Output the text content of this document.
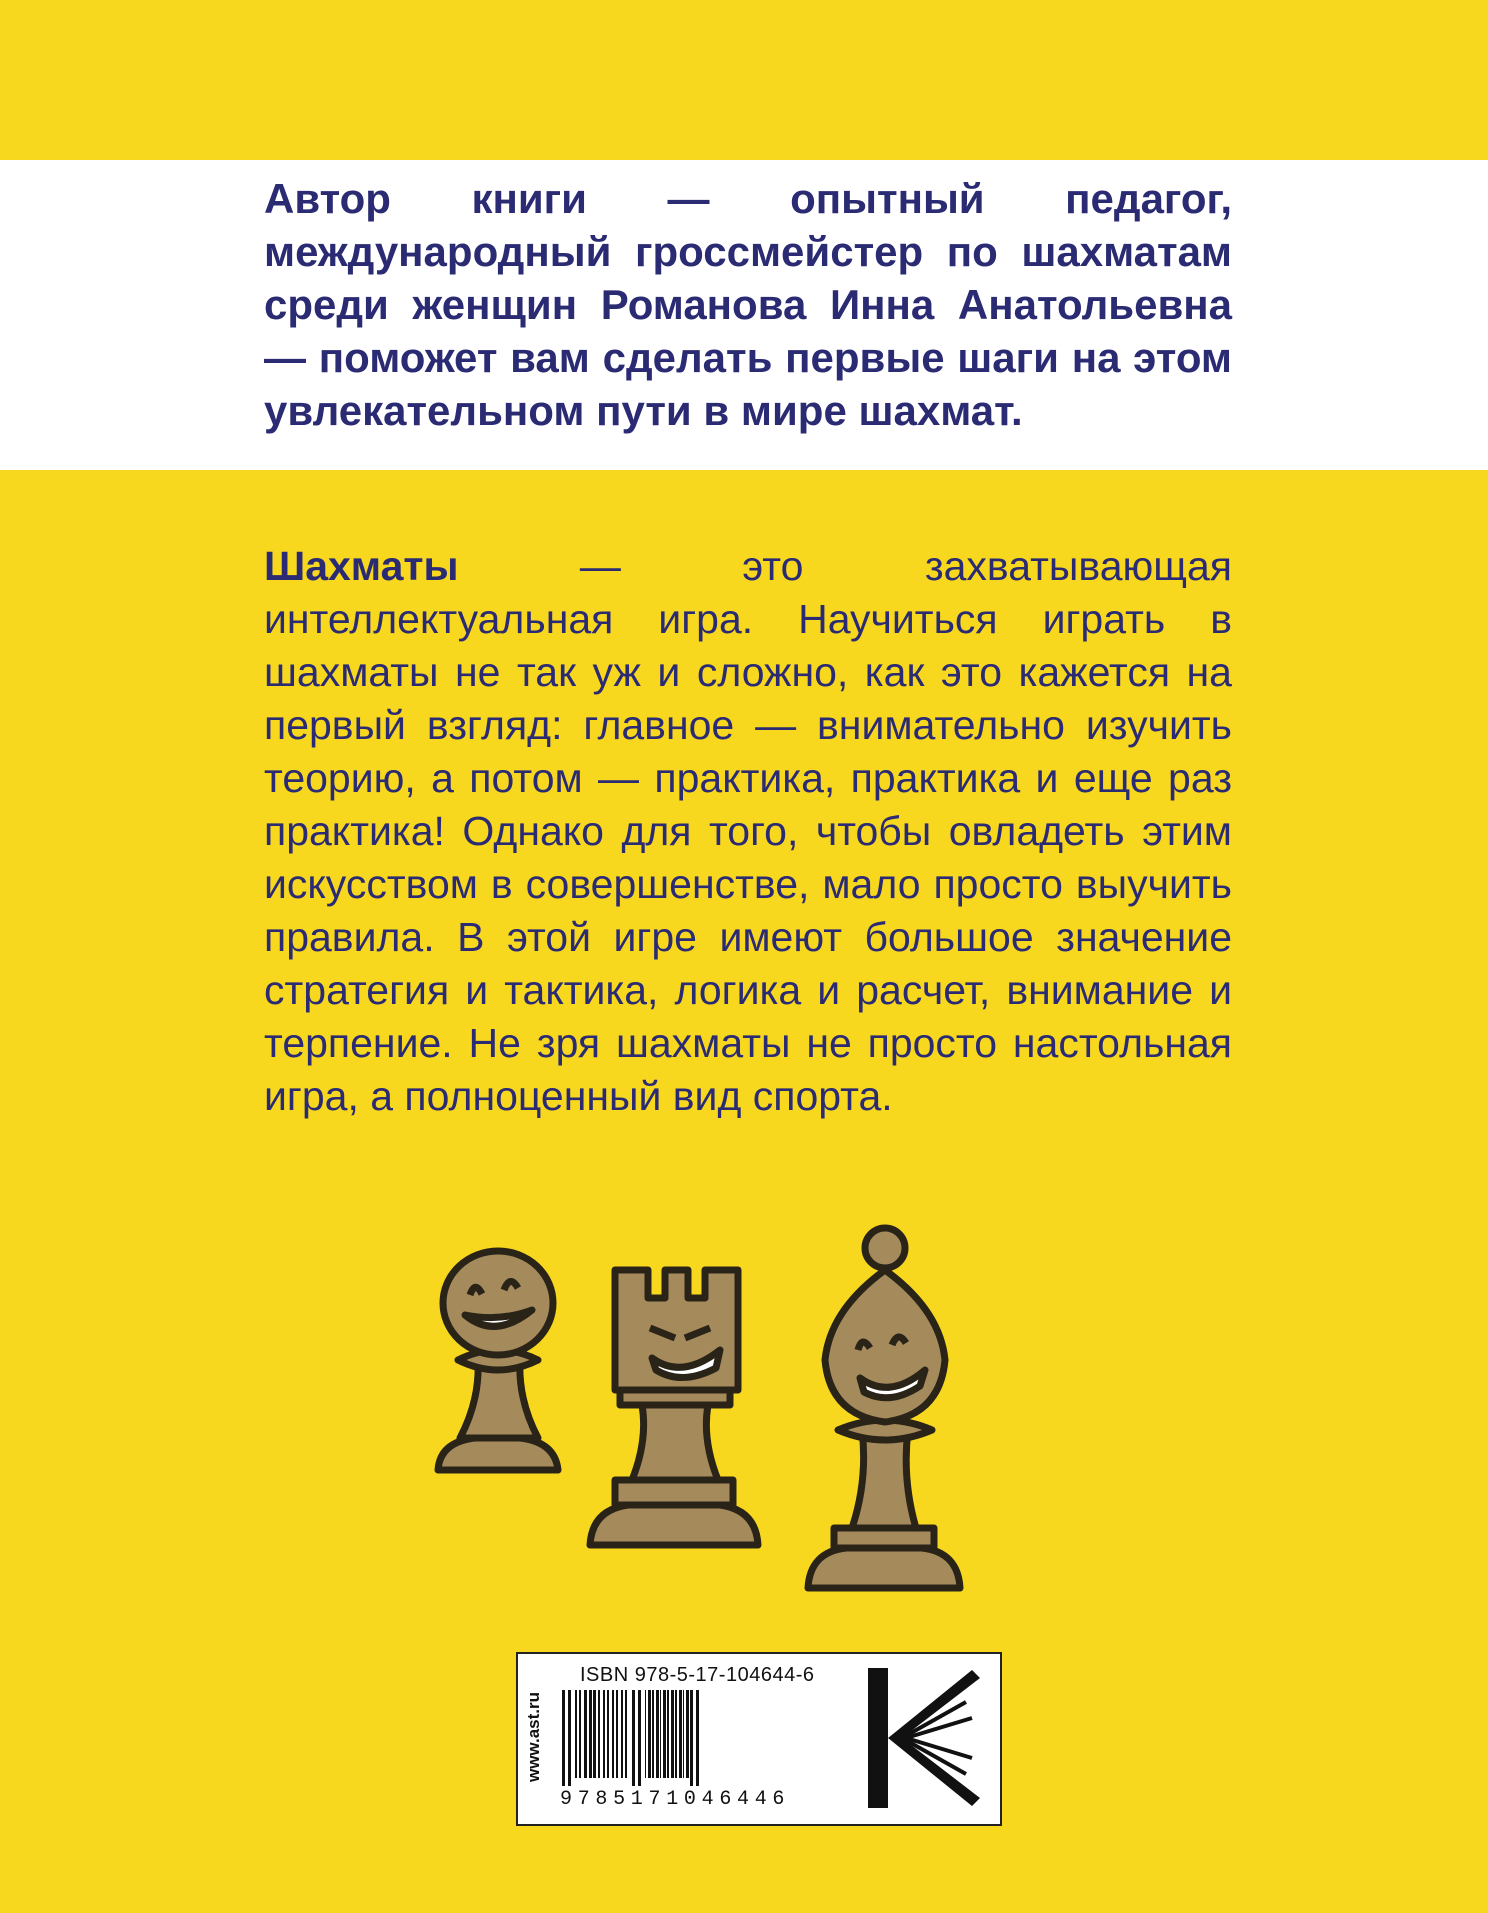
Автор книги — опытный педагог, международный гроссмейстер по шахматам среди женщин Романова Инна Анатольевна — поможет вам сделать первые шаги на этом увлекательном пути в мире шахмат.
Шахматы — это захватывающая интеллектуальная игра. Научиться играть в шахматы не так уж и сложно, как это кажется на первый взгляд: главное — внимательно изучить теорию, а потом — практика, практика и еще раз практика! Однако для того, чтобы овладеть этим искусством в совершенстве, мало просто выучить правила. В этой игре имеют большое значение стратегия и тактика, логика и расчет, внимание и терпение. Не зря шахматы не просто настольная игра, а полноценный вид спорта.
www.ast.ru
ISBN 978-5-17-104644-6
9785171046446
